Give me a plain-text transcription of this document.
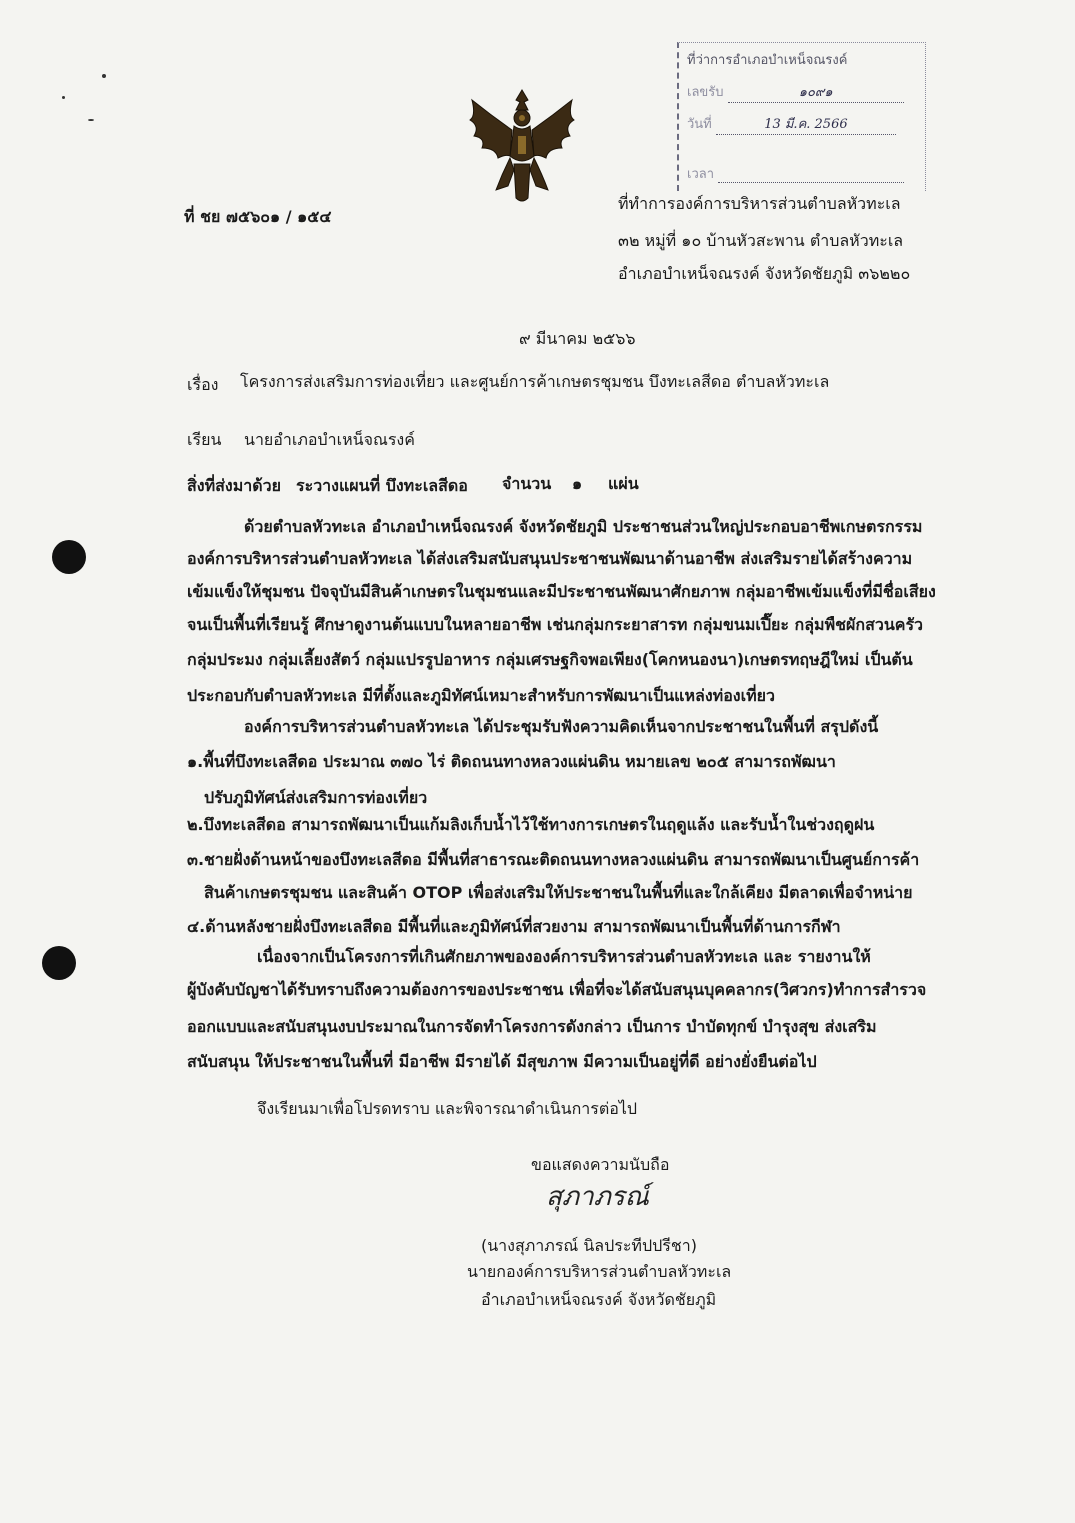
ที่ว่าการอำเภอบำเหน็จณรงค์
เลขรับ	๑๐๙๑
วันที่	13 มี.ค. 2566
เวลา
ที่ ชย ๗๕๖๐๑ / ๑๕๔
ที่ทำการองค์การบริหารส่วนตำบลหัวทะเล
๓๒ หมู่ที่ ๑๐ บ้านหัวสะพาน ตำบลหัวทะเล
อำเภอบำเหน็จณรงค์ จังหวัดชัยภูมิ ๓๖๒๒๐
๙ มีนาคม ๒๕๖๖
เรื่อง โครงการส่งเสริมการท่องเที่ยว และศูนย์การค้าเกษตรชุมชน บึงทะเลสีดอ ตำบลหัวทะเล
เรียน นายอำเภอบำเหน็จณรงค์
สิ่งที่ส่งมาด้วย ระวางแผนที่ บึงทะเลสีดอ จำนวน ๑ แผ่น
ด้วยตำบลหัวทะเล อำเภอบำเหน็จณรงค์ จังหวัดชัยภูมิ ประชาชนส่วนใหญ่ประกอบอาชีพเกษตรกรรม
องค์การบริหารส่วนตำบลหัวทะเล ได้ส่งเสริมสนับสนุนประชาชนพัฒนาด้านอาชีพ ส่งเสริมรายได้สร้างความ
เข้มแข็งให้ชุมชน ปัจจุบันมีสินค้าเกษตรในชุมชนและมีประชาชนพัฒนาศักยภาพ กลุ่มอาชีพเข้มแข็งที่มีชื่อเสียง
จนเป็นพื้นที่เรียนรู้ ศึกษาดูงานต้นแบบในหลายอาชีพ เช่นกลุ่มกระยาสารท กลุ่มขนมเปี๊ยะ กลุ่มพืชผักสวนครัว
กลุ่มประมง กลุ่มเลี้ยงสัตว์ กลุ่มแปรรูปอาหาร กลุ่มเศรษฐกิจพอเพียง(โคกหนองนา)เกษตรทฤษฎีใหม่ เป็นต้น
ประกอบกับตำบลหัวทะเล มีที่ตั้งและภูมิทัศน์เหมาะสำหรับการพัฒนาเป็นแหล่งท่องเที่ยว
องค์การบริหารส่วนตำบลหัวทะเล ได้ประชุมรับฟังความคิดเห็นจากประชาชนในพื้นที่ สรุปดังนี้
๑.พื้นที่บึงทะเลสีดอ ประมาณ ๓๗๐ ไร่ ติดถนนทางหลวงแผ่นดิน หมายเลข ๒๐๕ สามารถพัฒนา
ปรับภูมิทัศน์ส่งเสริมการท่องเที่ยว
๒.บึงทะเลสีดอ สามารถพัฒนาเป็นแก้มลิงเก็บน้ำไว้ใช้ทางการเกษตรในฤดูแล้ง และรับน้ำในช่วงฤดูฝน
๓.ชายฝั่งด้านหน้าของบึงทะเลสีดอ มีพื้นที่สาธารณะติดถนนทางหลวงแผ่นดิน สามารถพัฒนาเป็นศูนย์การค้า
สินค้าเกษตรชุมชน และสินค้า OTOP เพื่อส่งเสริมให้ประชาชนในพื้นที่และใกล้เคียง มีตลาดเพื่อจำหน่าย
๔.ด้านหลังชายฝั่งบึงทะเลสีดอ มีพื้นที่และภูมิทัศน์ที่สวยงาม สามารถพัฒนาเป็นพื้นที่ด้านการกีฬา
เนื่องจากเป็นโครงการที่เกินศักยภาพขององค์การบริหารส่วนตำบลหัวทะเล และ รายงานให้
ผู้บังคับบัญชาได้รับทราบถึงความต้องการของประชาชน เพื่อที่จะได้สนับสนุนบุคคลากร(วิศวกร)ทำการสำรวจ
ออกแบบและสนับสนุนงบประมาณในการจัดทำโครงการดังกล่าว เป็นการ บำบัดทุกข์ บำรุงสุข ส่งเสริม
สนับสนุน ให้ประชาชนในพื้นที่ มีอาชีพ มีรายได้ มีสุขภาพ มีความเป็นอยู่ที่ดี อย่างยั่งยืนต่อไป
จึงเรียนมาเพื่อโปรดทราบ และพิจารณาดำเนินการต่อไป
ขอแสดงความนับถือ
สุภาภรณ์
(นางสุภาภรณ์ นิลประทีปปรีชา)
นายกองค์การบริหารส่วนตำบลหัวทะเล
อำเภอบำเหน็จณรงค์ จังหวัดชัยภูมิ
